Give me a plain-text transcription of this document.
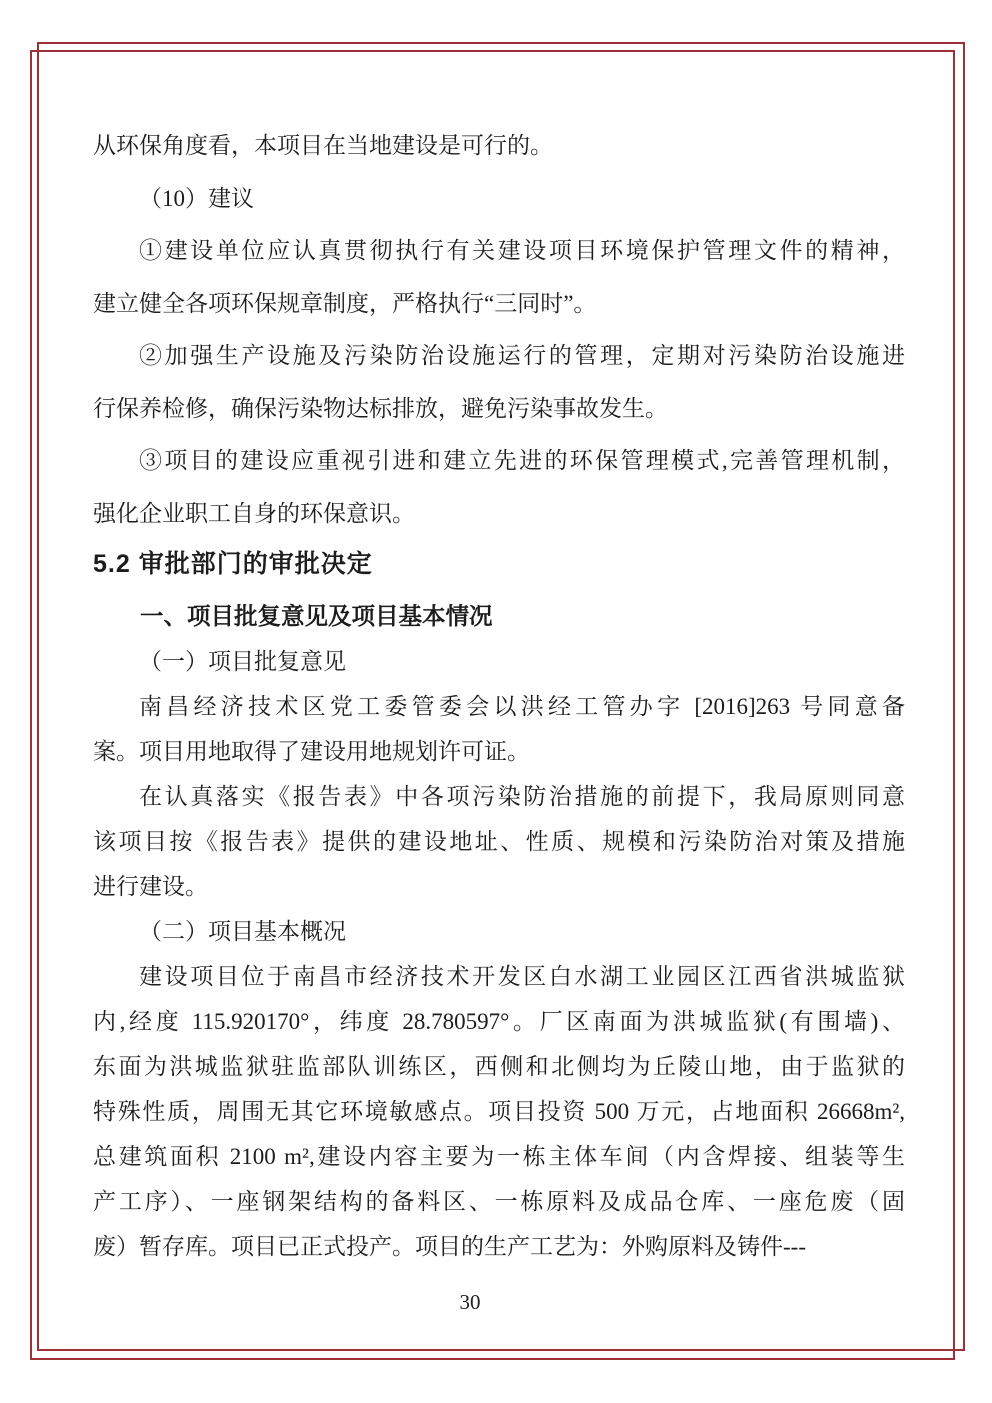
从环保角度看，本项目在当地建设是可行的。
（10）建议
①建设单位应认真贯彻执行有关建设项目环境保护管理文件的精神，
建立健全各项环保规章制度，严格执行“三同时”。
②加强生产设施及污染防治设施运行的管理，定期对污染防治设施进
行保养检修，确保污染物达标排放，避免污染事故发生。
③项目的建设应重视引进和建立先进的环保管理模式,完善管理机制，
强化企业职工自身的环保意识。
5.2 审批部门的审批决定
一、项目批复意见及项目基本情况
（一）项目批复意见
南昌经济技术区党工委管委会以洪经工管办字 [2016]263 号同意备
案。项目用地取得了建设用地规划许可证。
在认真落实《报告表》中各项污染防治措施的前提下，我局原则同意
该项目按《报告表》提供的建设地址、性质、规模和污染防治对策及措施
进行建设。
（二）项目基本概况
建设项目位于南昌市经济技术开发区白水湖工业园区江西省洪城监狱
内,经度 115.920170°，纬度 28.780597°。厂区南面为洪城监狱(有围墙)、
东面为洪城监狱驻监部队训练区，西侧和北侧均为丘陵山地，由于监狱的
特殊性质，周围无其它环境敏感点。项目投资 500 万元，占地面积 26668m²,
总建筑面积 2100 m²,建设内容主要为一栋主体车间（内含焊接、组装等生
产工序）、一座钢架结构的备料区、一栋原料及成品仓库、一座危废（固
废）暂存库。项目已正式投产。项目的生产工艺为：外购原料及铸件---
30
